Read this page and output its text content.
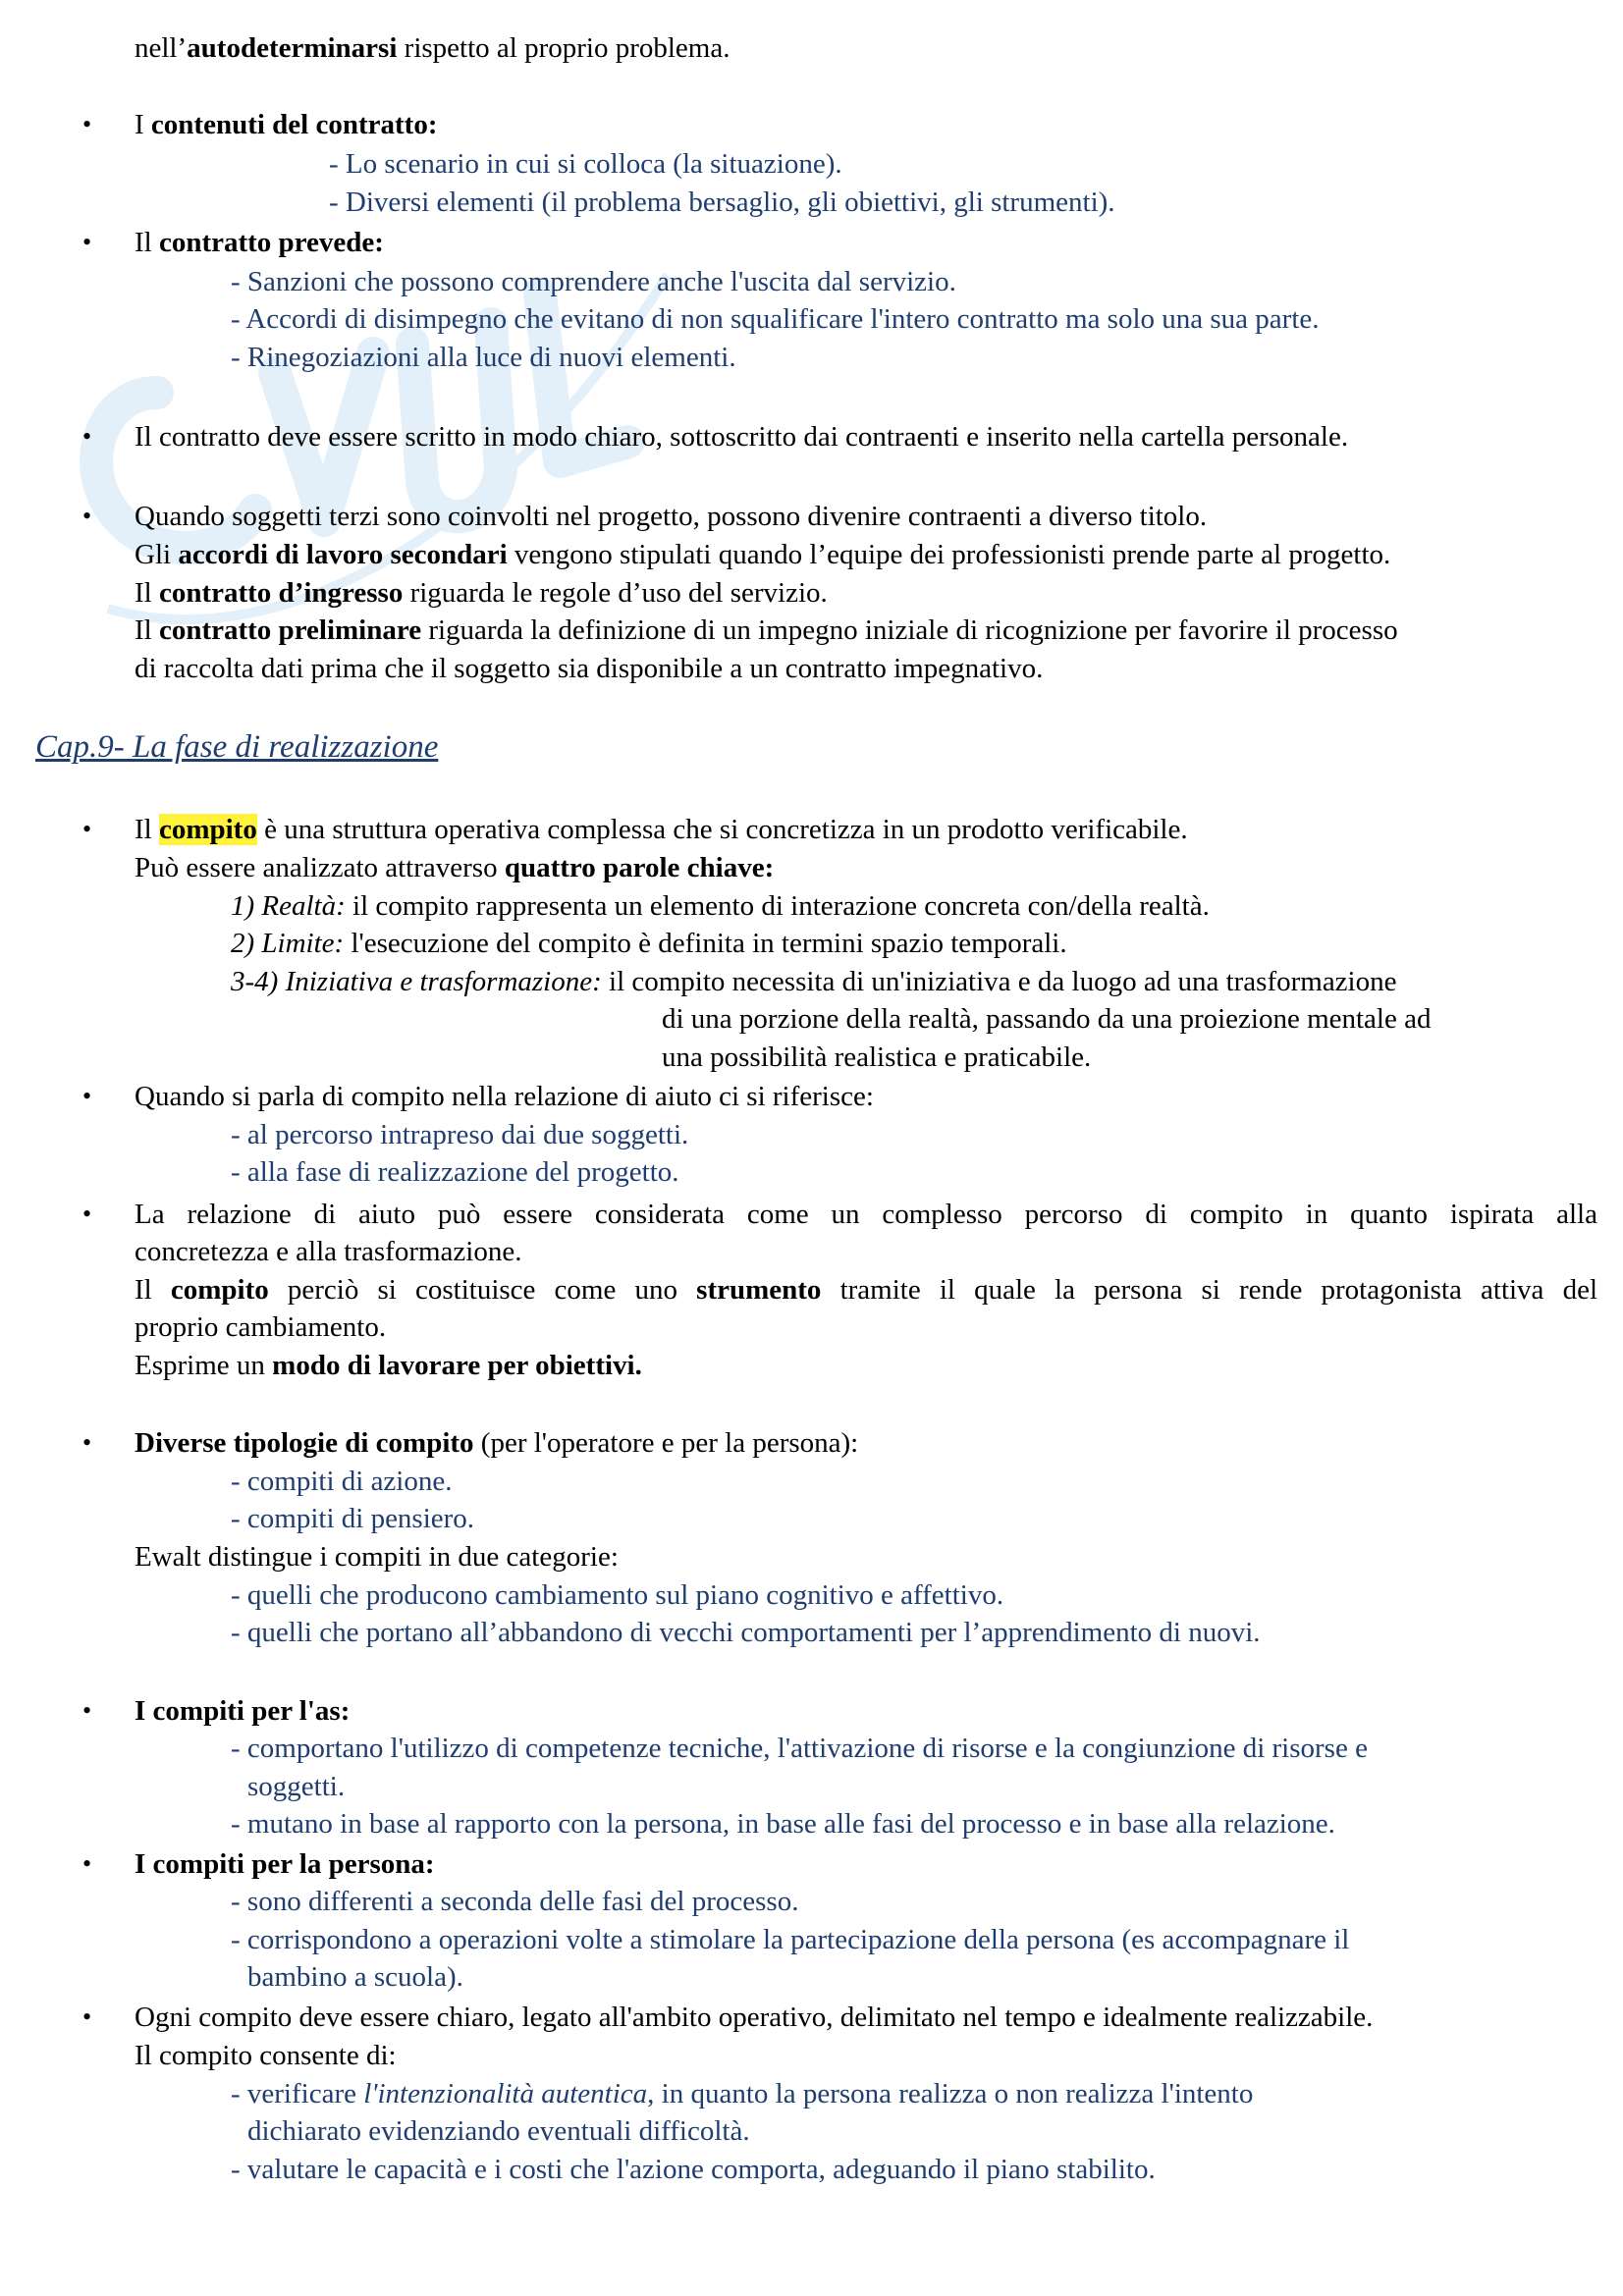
nell’autodeterminarsi rispetto al proprio problema.
• I contenuti del contratto:
- Lo scenario in cui si colloca (la situazione).
- Diversi elementi (il problema bersaglio, gli obiettivi, gli strumenti).
• Il contratto prevede:
- Sanzioni che possono comprendere anche l'uscita dal servizio.
- Accordi di disimpegno che evitano di non squalificare l'intero contratto ma solo una sua parte.
- Rinegoziazioni alla luce di nuovi elementi.
• Il contratto deve essere scritto in modo chiaro, sottoscritto dai contraenti e inserito nella cartella personale.
• Quando soggetti terzi sono coinvolti nel progetto, possono divenire contraenti a diverso titolo.
Gli accordi di lavoro secondari vengono stipulati quando l’equipe dei professionisti prende parte al progetto.
Il contratto d’ingresso riguarda le regole d’uso del servizio.
Il contratto preliminare riguarda la definizione di un impegno iniziale di ricognizione per favorire il processo
di raccolta dati prima che il soggetto sia disponibile a un contratto impegnativo.
Cap.9- La fase di realizzazione
• Il compito è una struttura operativa complessa che si concretizza in un prodotto verificabile.
Può essere analizzato attraverso quattro parole chiave:
1) Realtà: il compito rappresenta un elemento di interazione concreta con/della realtà.
2) Limite: l'esecuzione del compito è definita in termini spazio temporali.
3-4) Iniziativa e trasformazione: il compito necessita di un'iniziativa e da luogo ad una trasformazione
di una porzione della realtà, passando da una proiezione mentale ad
una possibilità realistica e praticabile.
• Quando si parla di compito nella relazione di aiuto ci si riferisce:
- al percorso intrapreso dai due soggetti.
- alla fase di realizzazione del progetto.
• La relazione di aiuto può essere considerata come un complesso percorso di compito in quanto ispirata alla
concretezza e alla trasformazione.
Il compito perciò si costituisce come uno strumento tramite il quale la persona si rende protagonista attiva del
proprio cambiamento.
Esprime un modo di lavorare per obiettivi.
• Diverse tipologie di compito (per l'operatore e per la persona):
- compiti di azione.
- compiti di pensiero.
Ewalt distingue i compiti in due categorie:
- quelli che producono cambiamento sul piano cognitivo e affettivo.
- quelli che portano all’abbandono di vecchi comportamenti per l’apprendimento di nuovi.
• I compiti per l'as:
- comportano l'utilizzo di competenze tecniche, l'attivazione di risorse e la congiunzione di risorse e
soggetti.
- mutano in base al rapporto con la persona, in base alle fasi del processo e in base alla relazione.
• I compiti per la persona:
- sono differenti a seconda delle fasi del processo.
- corrispondono a operazioni volte a stimolare la partecipazione della persona (es accompagnare il
bambino a scuola).
• Ogni compito deve essere chiaro, legato all'ambito operativo, delimitato nel tempo e idealmente realizzabile.
Il compito consente di:
- verificare l'intenzionalità autentica, in quanto la persona realizza o non realizza l'intento
dichiarato evidenziando eventuali difficoltà.
- valutare le capacità e i costi che l'azione comporta, adeguando il piano stabilito.
